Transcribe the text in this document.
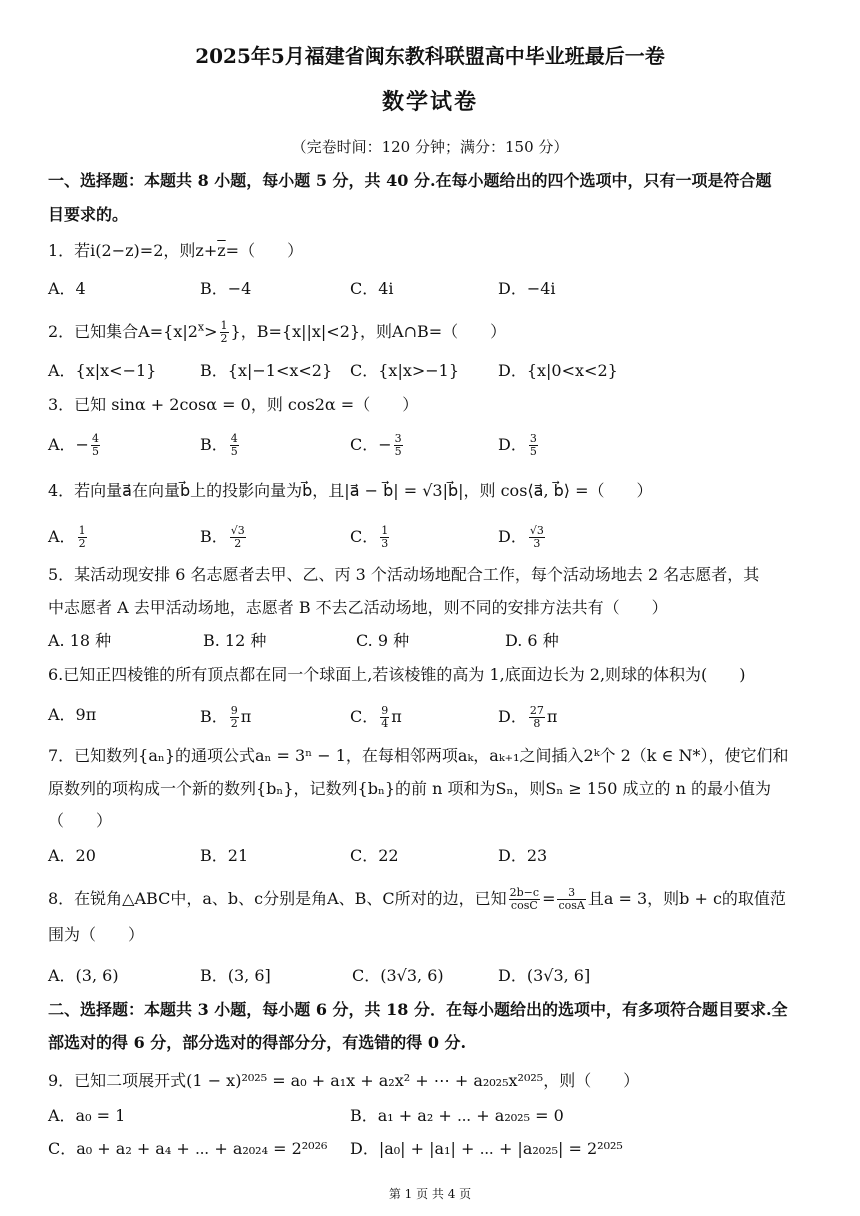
2025年5月福建省闽东教科联盟高中毕业班最后一卷
数学试卷
（完卷时间：120 分钟；满分：150 分）
一、选择题：本题共 8 小题，每小题 5 分，共 40 分.在每小题给出的四个选项中，只有一项是符合题
目要求的。
1．若i(2−z)=2，则$z+\overline{z}=$（　　）
A．4	B．−4	C．4i	D．−4i
2．已知集合$A=\{x|2^x> \frac{1}{2}$ }，B={x||x|<2}，则A∩B=（　　）
A．{x|x<−1}	B．{x|−1<x<2} C．{x|x>−1} D．{x|0<x<2}
3．已知 sinα + 2cosα = 0，则 cos2α =（　　）
A．− $\frac{4}{5}$	B． $\frac{4}{5}$	C．− $\frac{3}{5}$	D． $\frac{3}{5}$
4．若向量a⃗在向量b⃗上的投影向量为b⃗，且|a⃗ − b⃗| = √3|b⃗|，则 cos⟨a⃗, b⃗⟩ =（　　）
A． $\frac{1}{2}$	B． $\frac{√3}{2}$	C． $\frac{1}{3}$	D． $\frac{√3}{3}$
5．某活动现安排 6 名志愿者去甲、乙、丙 3 个活动场地配合工作，每个活动场地去 2 名志愿者，其
中志愿者 A 去甲活动场地，志愿者 B 不去乙活动场地，则不同的安排方法共有（　　）
A. 18 种	B. 12 种	C. 9 种	D. 6 种
6.已知正四棱锥的所有顶点都在同一个球面上,若该棱锥的高为 1,底面边长为 2,则球的体积为(　　)
A．9π	B． $\frac{9}{2}$ π	C． $\frac{9}{4}$ π	D． $\frac{27}{8}$ π
7．已知数列{aₙ}的通项公式aₙ = 3ⁿ − 1，在每相邻两项aₖ，aₖ₊₁之间插入2ᵏ个 2（k ∈ N*），使它们和
原数列的项构成一个新的数列{bₙ}，记数列{bₙ}的前 n 项和为Sₙ，则Sₙ ≥ 150 成立的 n 的最小值为
（　　）
A．20	B．21	C．22	D．23
8．在锐角△ABC中，a、b、c分别是角A、B、C所对的边，已知 $\frac{2b-c}{\cos C} = \frac{3}{\cos A}$ 且a = 3，则b + c的取值范
围为（　　）
A．(3, 6)	B．(3, 6]	C．(3√3, 6)	D．(3√3, 6]
二、选择题：本题共 3 小题，每小题 6 分，共 18 分．在每小题给出的选项中，有多项符合题目要求.全
部选对的得 6 分，部分选对的得部分分，有选错的得 0 分.
9．已知二项展开式(1 − x)²⁰²⁵ = a₀ + a₁x + a₂x² + ⋯ + a₂₀₂₅x²⁰²⁵，则（　　）
A．a₀ = 1	B．a₁ + a₂ + ⋯ + a₂₀₂₅ = 0
C．a₀ + a₂ + a₄ + ⋯ + a₂₀₂₄ = 2²⁰²⁶ D．|a₀| + |a₁| + ⋯ + |a₂₀₂₅| = 2²⁰²⁵
第 1 页 共 4 页
